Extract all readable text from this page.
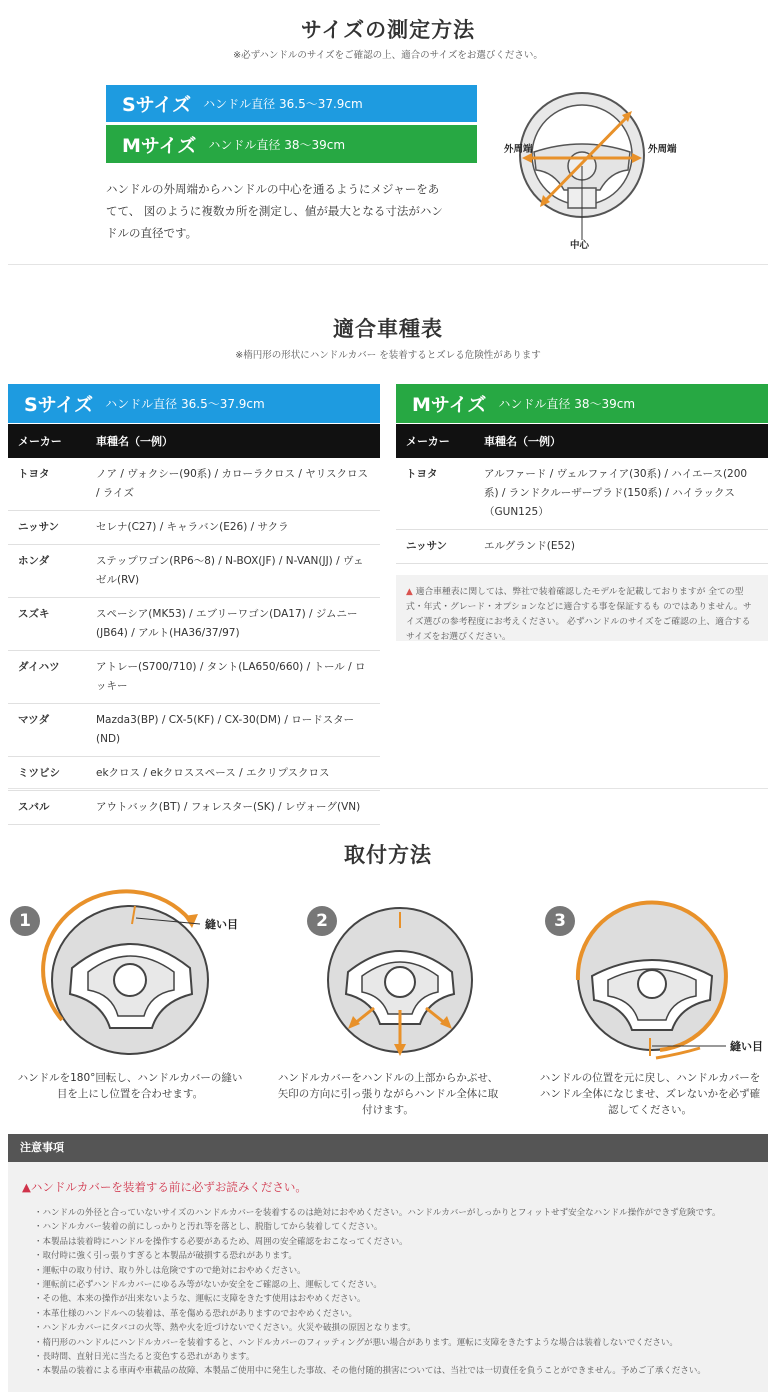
サイズの測定方法
※必ずハンドルのサイズをご確認の上、適合のサイズをお選びください。
Sサイズ ハンドル直径 36.5〜37.9cm
Mサイズ ハンドル直径 38〜39cm
ハンドルの外周端からハンドルの中心を通るようにメジャーをあ
てて、 図のように複数カ所を測定し、値が最大となる寸法がハン
ドルの直径です。
外周端	外周端
中心
適合車種表
※楕円形の形状にハンドルカバー を装着するとズレる危険性があります
Sサイズ ハンドル直径 36.5〜37.9cm	Mサイズ ハンドル直径 38〜39cm
メーカー	車種名（一例）
トヨタ	ノア / ヴォクシー(90系) / カローラクロス / ヤリスクロス / ライズ
ニッサン	セレナ(C27) / キャラバン(E26) / サクラ
ホンダ	ステップワゴン(RP6〜8) / N-BOX(JF) / N-VAN(JJ) / ヴェゼル(RV)
スズキ	スペーシア(MK53) / エブリーワゴン(DA17) / ジムニー(JB64) / アルト(HA36/37/97)
ダイハツ	アトレー(S700/710) / タント(LA650/660) / トール / ロッキー
マツダ	Mazda3(BP) / CX-5(KF) / CX-30(DM) / ロードスター(ND)
ミツビシ	ekクロス / ekクロススペース / エクリプスクロス
スバル	アウトバック(BT) / フォレスター(SK) / レヴォーグ(VN)
メーカー	車種名（一例）
トヨタ	アルファード / ヴェルファイア(30系) / ハイエース(200系) / ランドクルーザープラド(150系) / ハイラックス（GUN125）
ニッサン	エルグランド(E52)
▲ 適合車種表に関しては、弊社で装着確認したモデルを記載しておりますが 全ての型式・年式・グレード・オプションなどに適合する事を保証するも のではありません。サイズ選びの参考程度にお考えください。 必ずハンドルのサイズをご確認の上、適合するサイズをお選びください。
取付方法
1	縫い目
ハンドルを180°回転し、ハンドルカバーの縫い
目を上にし位置を合わせます。
2
ハンドルカバーをハンドルの上部からかぶせ、
矢印の方向に引っ張りながらハンドル全体に取
付けます。
3
縫い目
ハンドルの位置を元に戻し、ハンドルカバーを
ハンドル全体になじませ、ズレないかを必ず確
認してください。
注意事項
▲ハンドルカバーを装着する前に必ずお読みください。
・ ハンドルの外径と合っていないサイズのハンドルカバーを装着するのは絶対におやめください。ハンドルカバーがしっかりとフィットせず安全なハンドル操作ができず危険です。
・ ハンドルカバー装着の前にしっかりと汚れ等を落とし、脱脂してから装着してください。
・ 本製品は装着時にハンドルを操作する必要があるため、周囲の安全確認をおこなってください。
・ 取付時に強く引っ張りすぎると本製品が破損する恐れがあります。
・ 運転中の取り付け、取り外しは危険ですので絶対におやめください。
・ 運転前に必ずハンドルカバーにゆるみ等がないか安全をご確認の上、運転してください。
・ その他、本来の操作が出来ないような、運転に支障をきたす使用はおやめください。
・ 本革仕様のハンドルへの装着は、革を傷める恐れがありますのでおやめください。
・ ハンドルカバーにタバコの火等、熱や火を近づけないでください。火災や破損の原因となります。
・ 楕円形のハンドルにハンドルカバーを装着すると、ハンドルカバーのフィッティングが悪い場合があります。運転に支障をきたすような場合は装着しないでください。
・ 長時間、直射日光に当たると変色する恐れがあります。
・ 本製品の装着による車両や車載品の故障、本製品ご使用中に発生した事故、その他付随的損害については、当社では一切責任を負うことができません。予めご了承ください。
